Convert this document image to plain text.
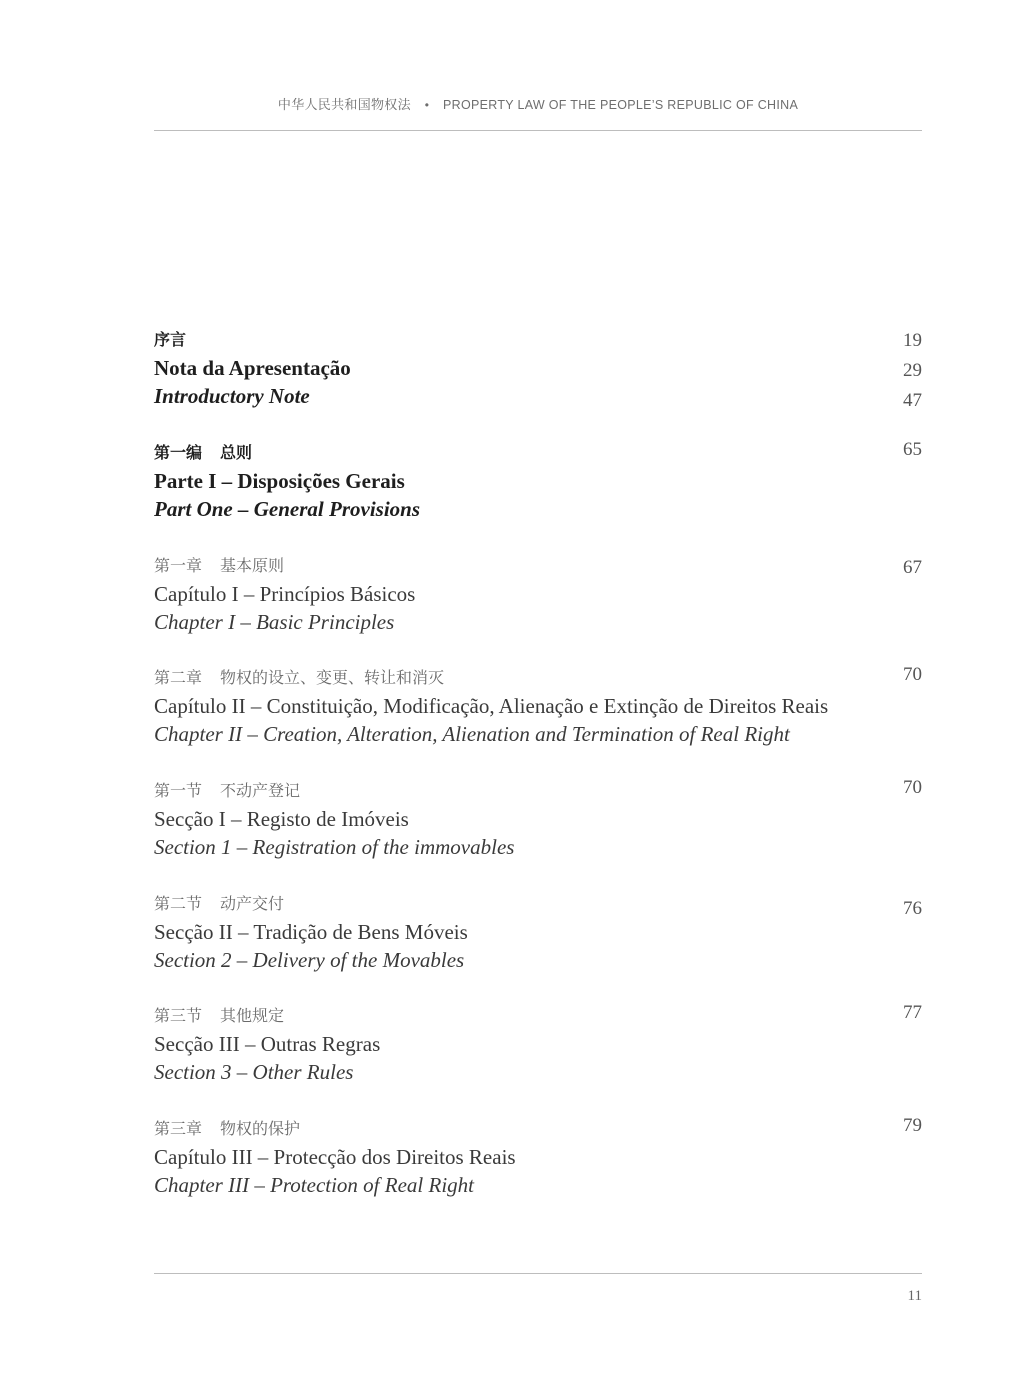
中华人民共和国物权法 • PROPERTY LAW OF THE PEOPLE’S REPUBLIC OF CHINA
序言
Nota da Apresentação
Introductory Note
19
29
47
第一编 总则
Parte I – Disposições Gerais
Part One – General Provisions
65
第一章 基本原则
Capítulo I – Princípios Básicos
Chapter I – Basic Principles
67
第二章 物权的设立、变更、转让和消灭
Capítulo II – Constituição, Modificação, Alienação e Extinção de Direitos Reais
Chapter II – Creation, Alteration, Alienation and Termination of Real Right
70
第一节 不动产登记
Secção I – Registo de Imóveis
Section 1 – Registration of the immovables
70
第二节 动产交付
Secção II – Tradição de Bens Móveis
Section 2 – Delivery of the Movables
76
第三节 其他规定
Secção III – Outras Regras
Section 3 – Other Rules
77
第三章 物权的保护
Capítulo III – Protecção dos Direitos Reais
Chapter III – Protection of Real Right
79
11
